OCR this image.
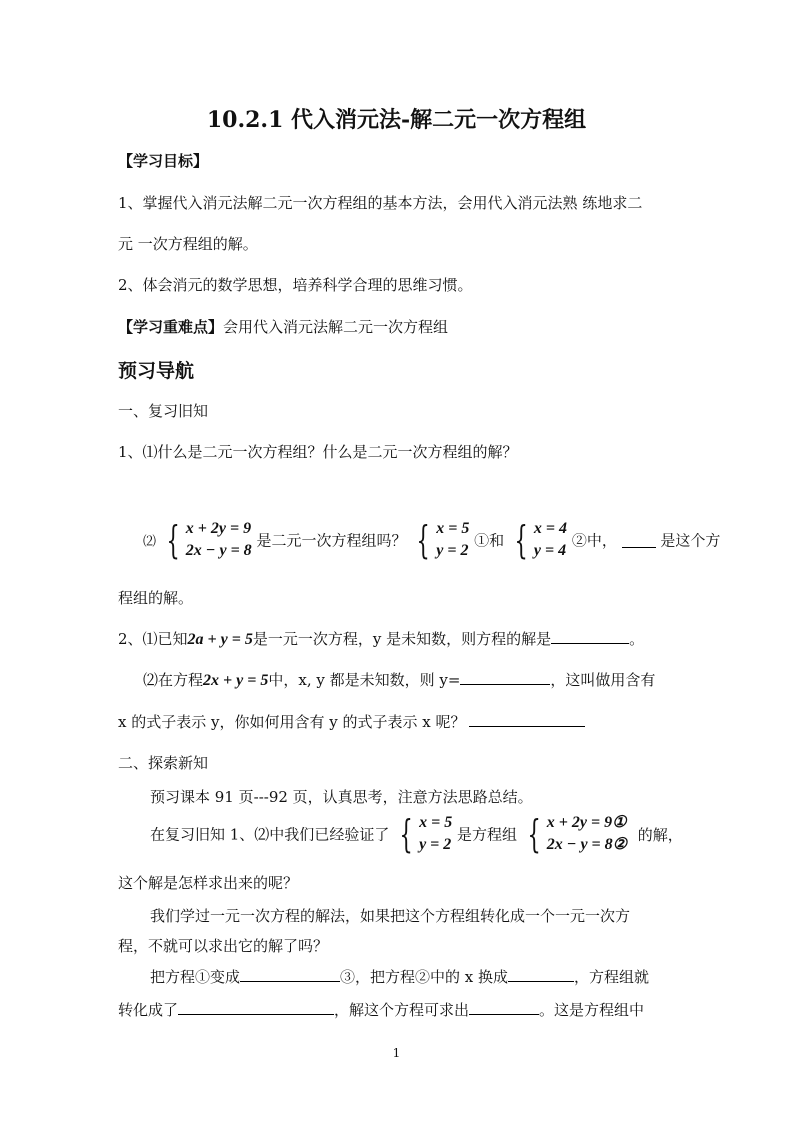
10.2.1 代入消元法-解二元一次方程组
【学习目标】
1、掌握代入消元法解二元一次方程组的基本方法，会用代入消元法熟 练地求二
元 一次方程组的解。
2、体会消元的数学思想，培养科学合理的思维习惯。
【学习重难点】会用代入消元法解二元一次方程组
预习导航
一、复习旧知
1、⑴什么是二元一次方程组？什么是二元一次方程组的解？
⑵ { x + 2y = 9
2x − y = 8
是二元一次方程组吗？ { x = 5
y = 2
①和 { x = 4
y = 4
②中，	是这个方
程组的解。
2、⑴已知2a + y = 5是一元一次方程，y 是未知数，则方程的解是	。
⑵在方程2x + y = 5中，x, y 都是未知数，则 y=	，这叫做用含有
x 的式子表示 y，你如何用含有 y 的式子表示 x 呢？
二、探索新知
预习课本 91 页---92 页，认真思考，注意方法思路总结。
在复习旧知 1、⑵中我们已经验证了 { x = 5
y = 2
是方程组 { x + 2y = 9①
2x − y = 8②
的解，
这个解是怎样求出来的呢？
我们学过一元一次方程的解法，如果把这个方程组转化成一个一元一次方
程，不就可以求出它的解了吗？
把方程①变成	③，把方程②中的 x 换成	，方程组就
转化成了	，解这个方程可求出	。这是方程组中
1
